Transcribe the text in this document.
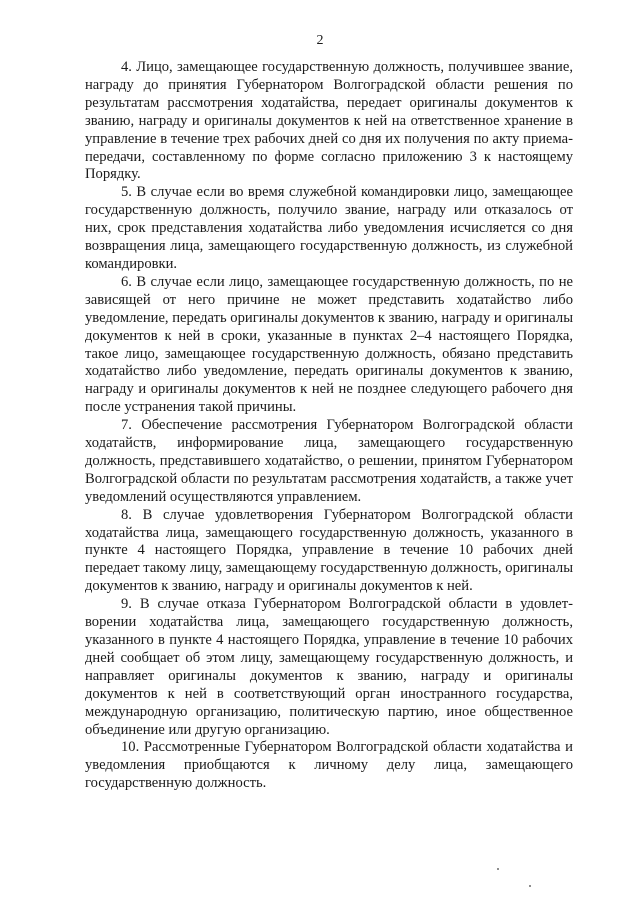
2

4. Лицо, замещающее государственную должность, получившее звание, награду до принятия Губернатором Волгоградской области решения по результатам рассмотрения ходатайства, передает оригиналы документов к званию, награду и оригиналы документов к ней на ответственное хранение в управление в течение трех рабочих дней со дня их получения по акту приема-передачи, составленному по форме согласно приложению 3 к настоящему Порядку.

5. В случае если во время служебной командировки лицо, замещающее государственную должность, получило звание, награду или отказалось от них, срок представления ходатайства либо уведомления исчисляется со дня возвращения лица, замещающего государственную должность, из служебной командировки.

6. В случае если лицо, замещающее государственную должность, по не зависящей от него причине не может представить ходатайство либо уведомление, передать оригиналы документов к званию, награду и оригиналы документов к ней в сроки, указанные в пунктах 2–4 настоящего Порядка, такое лицо, замещающее государственную должность, обязано представить ходатайство либо уведомление, передать оригиналы документов к званию, награду и оригиналы документов к ней не позднее следующего рабочего дня после устранения такой причины.

7. Обеспечение рассмотрения Губернатором Волгоградской области ходатайств, информирование лица, замещающего государственную должность, представившего ходатайство, о решении, принятом Губернатором Волгоградской области по результатам рассмотрения ходатайств, а также учет уведомлений осуществляются управлением.

8. В случае удовлетворения Губернатором Волгоградской области ходатайства лица, замещающего государственную должность, указанного в пункте 4 настоящего Порядка, управление в течение 10 рабочих дней передает такому лицу, замещающему государственную должность, оригиналы документов к званию, награду и оригиналы документов к ней.

9. В случае отказа Губернатором Волгоградской области в удовлетворении ходатайства лица, замещающего государственную должность, указанного в пункте 4 настоящего Порядка, управление в течение 10 рабочих дней сообщает об этом лицу, замещающему государственную должность, и направляет оригиналы документов к званию, награду и оригиналы документов к ней в соответствующий орган иностранного государства, международную организацию, политическую партию, иное общественное объединение или другую организацию.

10. Рассмотренные Губернатором Волгоградской области ходатайства и уведомления приобщаются к личному делу лица, замещающего государственную должность.
